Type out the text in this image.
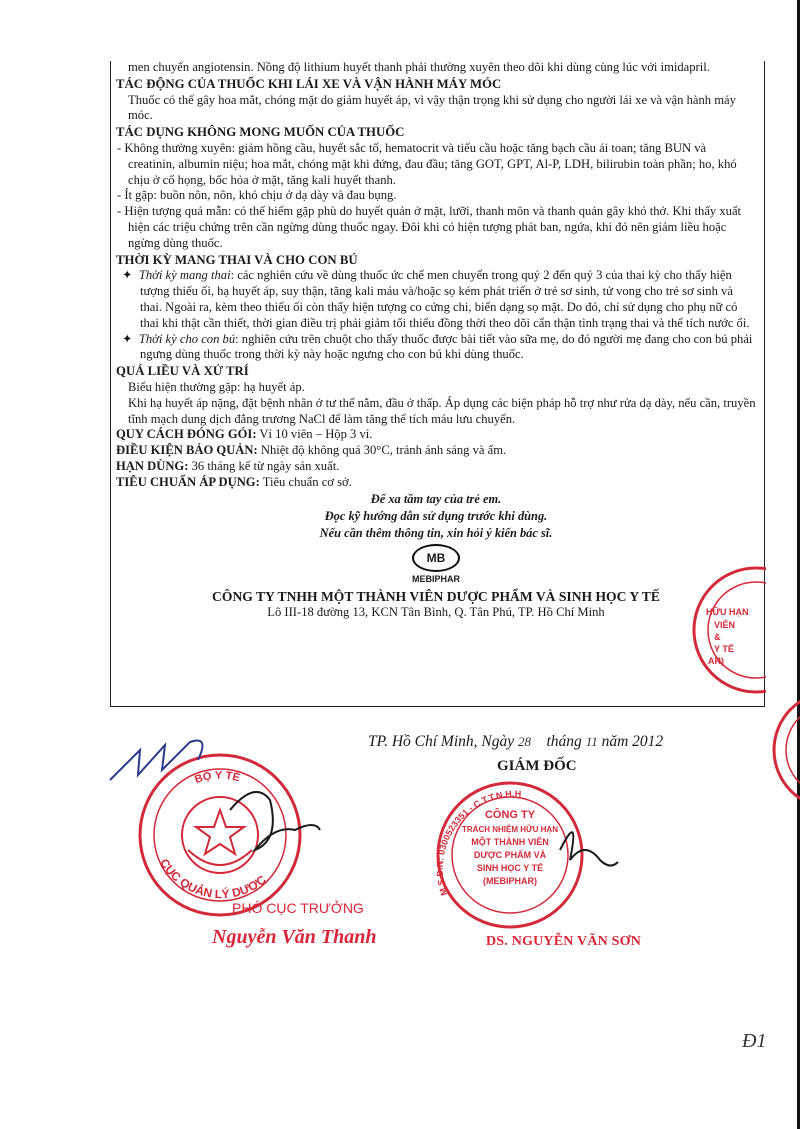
men chuyển angiotensin. Nồng độ lithium huyết thanh phải thường xuyên theo dõi khi dùng cùng lúc với imidapril.

TÁC ĐỘNG CỦA THUỐC KHI LÁI XE VÀ VẬN HÀNH MÁY MÓC

Thuốc có thể gây hoa mắt, chóng mặt do giảm huyết áp, vì vậy thận trọng khi sử dụng cho người lái xe và vận hành máy móc.

TÁC DỤNG KHÔNG MONG MUỐN CỦA THUỐC

- Không thường xuyên: giảm hồng cầu, huyết sắc tố, hematocrit và tiểu cầu hoặc tăng bạch cầu ái toan; tăng BUN và creatinin, albumin niệu; hoa mắt, chóng mặt khi đứng, đau đầu; tăng GOT, GPT, Al-P, LDH, bilirubin toàn phần; ho, khó chịu ở cổ họng, bốc hỏa ở mặt, tăng kali huyết thanh.

- Ít gặp: buồn nôn, nôn, khó chịu ở dạ dày và đau bụng.

- Hiện tượng quá mẫn: có thể hiếm gặp phù do huyết quản ở mặt, lưỡi, thanh môn và thanh quản gây khó thở. Khi thấy xuất hiện các triệu chứng trên cần ngừng dùng thuốc ngay. Đôi khi có hiện tượng phát ban, ngứa, khi đó nên giảm liều hoặc ngừng dùng thuốc.

THỜI KỲ MANG THAI VÀ CHO CON BÚ

✦ Thời kỳ mang thai: các nghiên cứu về dùng thuốc ức chế men chuyển trong quý 2 đến quý 3 của thai kỳ cho thấy hiện tượng thiểu ối, hạ huyết áp, suy thận, tăng kali máu và/hoặc sọ kém phát triển ở trẻ sơ sinh, tử vong cho trẻ sơ sinh và thai. Ngoài ra, kèm theo thiểu ối còn thấy hiện tượng co cứng chi, biến dạng sọ mặt. Do đó, chỉ sử dụng cho phụ nữ có thai khi thật cần thiết, thời gian điều trị phải giảm tối thiểu đồng thời theo dõi cẩn thận tình trạng thai và thể tích nước ối.

✦ Thời kỳ cho con bú: nghiên cứu trên chuột cho thấy thuốc được bài tiết vào sữa mẹ, do đó người mẹ đang cho con bú phải ngưng dùng thuốc trong thời kỳ này hoặc ngưng cho con bú khi dùng thuốc.

QUÁ LIỀU VÀ XỬ TRÍ

Biểu hiện thường gặp: hạ huyết áp.

Khi hạ huyết áp nặng, đặt bệnh nhân ở tư thế nằm, đầu ở thấp. Áp dụng các biện pháp hỗ trợ như rửa dạ dày, nếu cần, truyền tĩnh mạch dung dịch đẳng trương NaCl để làm tăng thể tích máu lưu chuyển.

QUY CÁCH ĐÓNG GÓI: Vỉ 10 viên – Hộp 3 vỉ.

ĐIỀU KIỆN BẢO QUẢN: Nhiệt độ không quá 30°C, tránh ánh sáng và ẩm.

HẠN DÙNG: 36 tháng kể từ ngày sản xuất.

TIÊU CHUẨN ÁP DỤNG: Tiêu chuẩn cơ sở.

Để xa tầm tay của trẻ em.
Đọc kỹ hướng dẫn sử dụng trước khi dùng.
Nếu cần thêm thông tin, xin hỏi ý kiến bác sĩ.
MB
MEBIPHAR
CÔNG TY TNHH MỘT THÀNH VIÊN DƯỢC PHẨM VÀ SINH HỌC Y TẾ
Lô III-18 đường 13, KCN Tân Bình, Q. Tân Phú, TP. Hồ Chí Minh	HỮU HẠN
VIÊN
&
Y TẾ
AR)
TP. Hồ Chí Minh, Ngày 28 tháng 11 năm 2012
GIÁM ĐỐC
BỘ Y TẾ
CỤC QUẢN LÝ DƯỢC
PHÓ CỤC TRƯỞNG
Nguyễn Văn Thanh
M.S.D.N: 0300523351 - C.T.T.N.H.H
CÔNG TY
TRÁCH NHIỆM HỮU HẠN
MỘT THÀNH VIÊN
DƯỢC PHẨM VÀ
SINH HỌC Y TẾ
(MEBIPHAR)
DS. NGUYỄN VĂN SƠN
Đ1
